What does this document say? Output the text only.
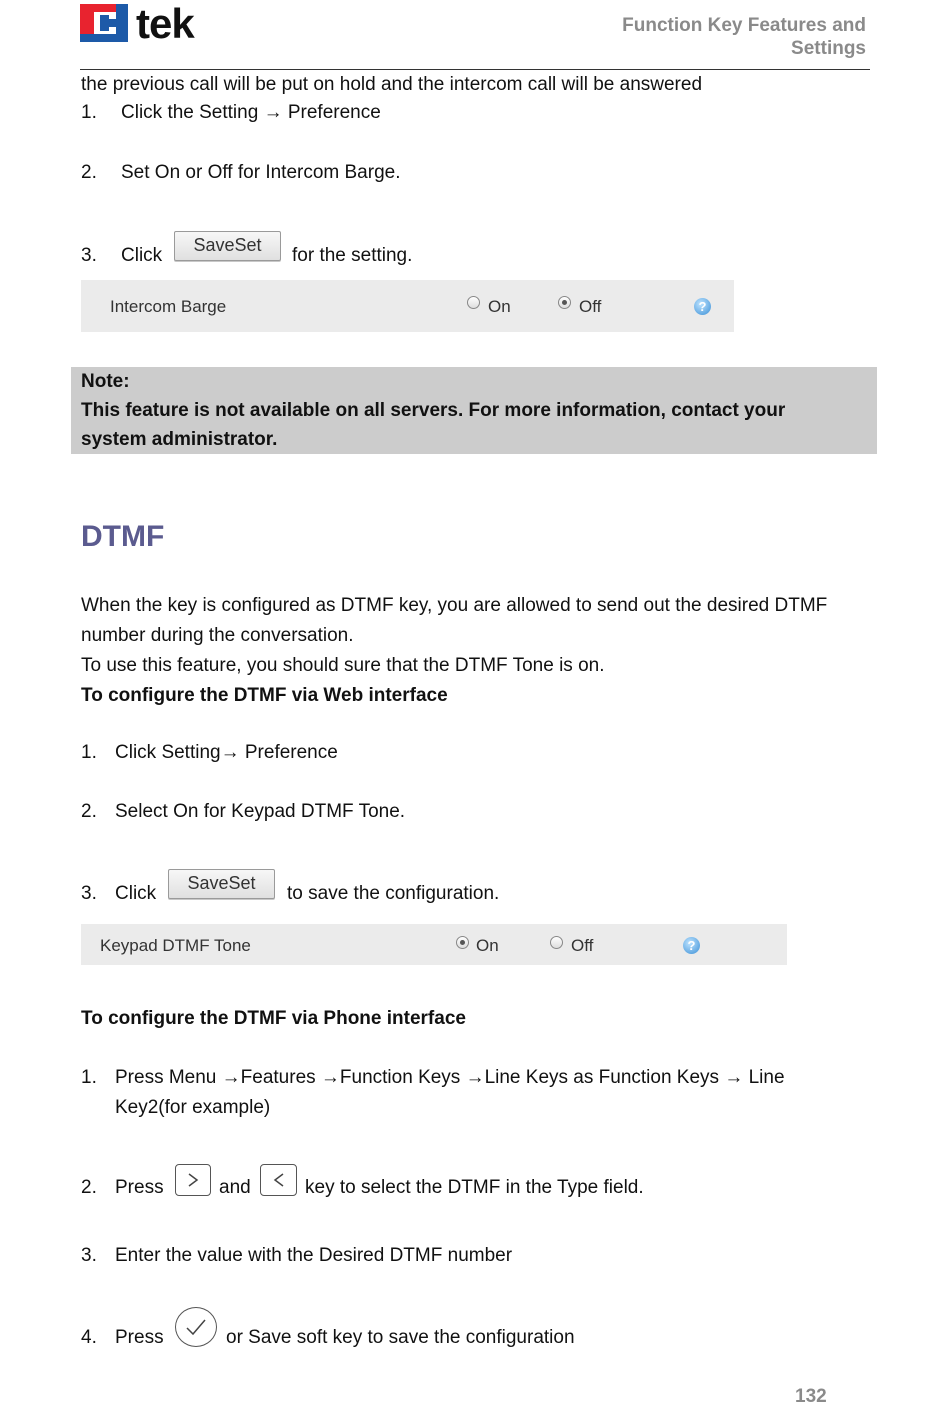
tek	Function Key Features and
Settings
the previous call will be put on hold and the intercom call will be answered
1. Click the Setting → Preference
2. Set On or Off for Intercom Barge.
3. Click	SaveSet	for the setting.
Intercom Barge	On	Off	?
Note:
This feature is not available on all servers. For more information, contact your
system administrator.
DTMF
When the key is configured as DTMF key, you are allowed to send out the desired DTMF
number during the conversation.
To use this feature, you should sure that the DTMF Tone is on.
To configure the DTMF via Web interface
1. Click Setting→ Preference
2. Select On for Keypad DTMF Tone.
3. Click	SaveSet	to save the configuration.
Keypad DTMF Tone	On	Off	?
To configure the DTMF via Phone interface
1. Press Menu →Features →Function Keys →Line Keys as Function Keys → Line
Key2(for example)
2. Press	and	key to select the DTMF in the Type field.
3. Enter the value with the Desired DTMF number
4. Press	or Save soft key to save the configuration
132
